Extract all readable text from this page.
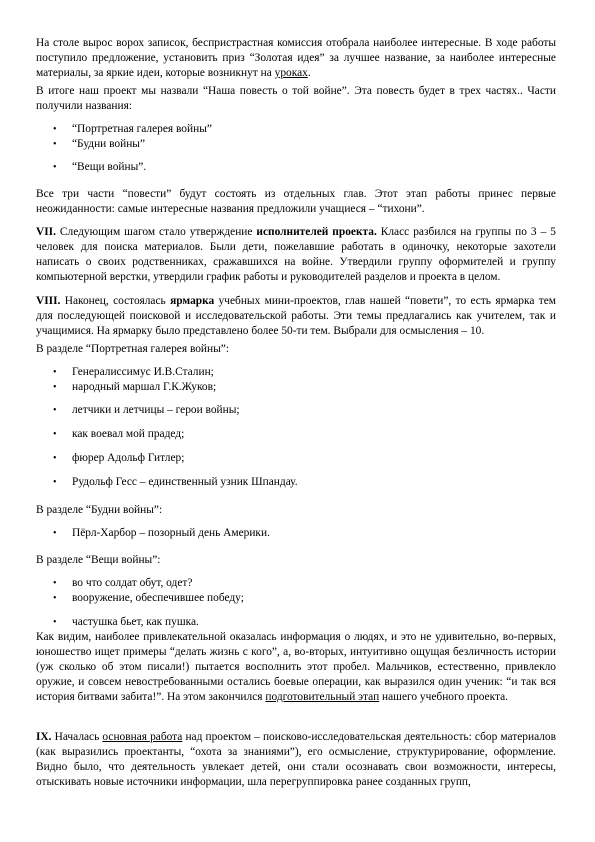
На столе вырос ворох записок, беспристрастная комиссия отобрала наиболее интересные. В ходе работы поступило предложение, установить приз “Золотая идея” за лучшее название, за наиболее интересные материалы, за яркие идеи, которые возникнут на уроках.

В итоге наш проект мы назвали “Наша повесть о той войне”. Эта повесть будет в трех частях.. Части получили названия:

“Портретная галерея войны”
“Будни войны”
“Вещи войны”.

Все три части “повести” будут состоять из отдельных глав. Этот этап работы принес первые неожиданности: самые интересные названия предложили учащиеся – “тихони”.

VII. Следующим шагом стало утверждение исполнителей проекта. Класс разбился на группы по 3 – 5 человек для поиска материалов. Были дети, пожелавшие работать в одиночку, некоторые захотели написать о своих родственниках, сражавшихся на войне. Утвердили группу оформителей и группу компьютерной верстки, утвердили график работы и руководителей разделов и проекта в целом.

VIII. Наконец, состоялась ярмарка учебных мини-проектов, глав нашей “повети”, то есть ярмарка тем для последующей поисковой и исследовательской работы. Эти темы предлагались как учителем, так и учащимися. На ярмарку было представлено более 50-ти тем. Выбрали для осмысления – 10.

В разделе “Портретная галерея войны”:

Генералиссимус И.В.Сталин;
народный маршал Г.К.Жуков;
летчики и летчицы – герои войны;
как воевал мой прадед;
фюрер Адольф Гитлер;
Рудольф Гесс – единственный узник Шпандау.

В разделе “Будни войны”:

Пёрл-Харбор – позорный день Америки.

В разделе “Вещи войны”:

во что солдат обут, одет?
вооружение, обеспечившее победу;
частушка бьет, как пушка.

Как видим, наиболее привлекательной оказалась информация о людях, и это не удивительно, во-первых, юношество ищет примеры “делать жизнь с кого”, а, во-вторых, интуитивно ощущая безличность истории (уж сколько об этом писали!) пытается восполнить этот пробел. Мальчиков, естественно, привлекло оружие, и совсем невостребованными остались боевые операции, как выразился один ученик: “и так вся история битвами забита!”. На этом закончился подготовительный этап нашего учебного проекта.

IX. Началась основная работа над проектом – поисково-исследовательская деятельность: сбор материалов (как выразились проектанты, “охота за знаниями”), его осмысление, структурирование, оформление. Видно было, что деятельность увлекает детей, они стали осознавать свои возможности, интересы, отыскивать новые источники информации, шла перегруппировка ранее созданных групп,
